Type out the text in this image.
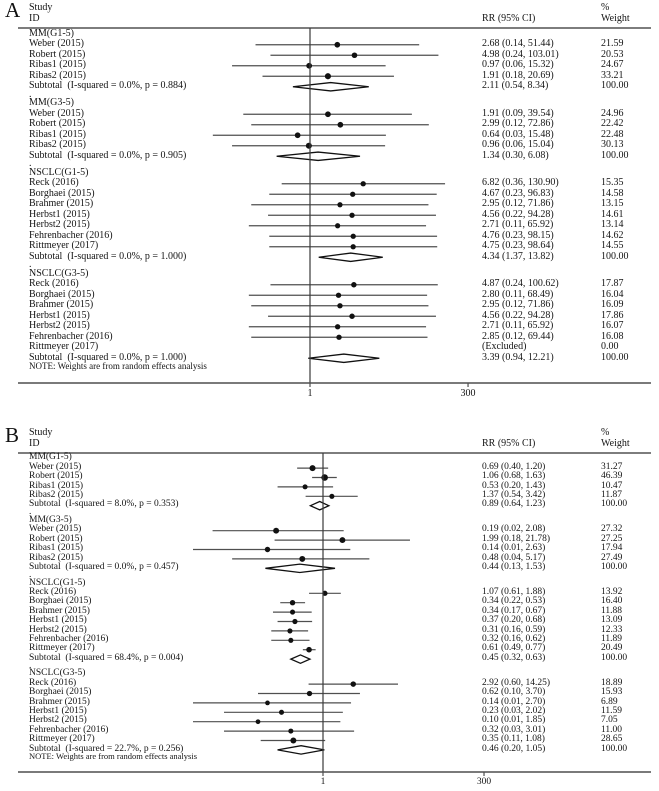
A Study
ID	RR (95% CI)
%
Weight
MM(G1-5)
Weber (2015)	2.68 (0.14, 51.44)	21.59
Robert (2015)	4.98 (0.24, 103.01)	20.53
Ribas1 (2015)	0.97 (0.06, 15.32)	24.67
Ribas2 (2015)	1.91 (0.18, 20.69)	33.21
Subtotal  (I-squared = 0.0%, p = 0.884)	2.11 (0.54, 8.34)	100.00
.
MM(G3-5)
Weber (2015)	1.91 (0.09, 39.54)	24.96
Robert (2015)	2.99 (0.12, 72.86)	22.42
Ribas1 (2015)	0.64 (0.03, 15.48)	22.48
Ribas2 (2015)	0.96 (0.06, 15.04)	30.13
Subtotal  (I-squared = 0.0%, p = 0.905)	1.34 (0.30, 6.08)	100.00
.
NSCLC(G1-5)
Reck (2016)	6.82 (0.36, 130.90)	15.35
Borghaei (2015)	4.67 (0.23, 96.83)	14.58
Brahmer (2015)	2.95 (0.12, 71.86)	13.15
Herbst1 (2015)	4.56 (0.22, 94.28)	14.61
Herbst2 (2015)	2.71 (0.11, 65.92)	13.14
Fehrenbacher (2016)	4.76 (0.23, 98.15)	14.62
Rittmeyer (2017)	4.75 (0.23, 98.64)	14.55
Subtotal  (I-squared = 0.0%, p = 1.000)	4.34 (1.37, 13.82)	100.00
.
NSCLC(G3-5)
Reck (2016)	4.87 (0.24, 100.62)	17.87
Borghaei (2015)	2.80 (0.11, 68.49)	16.04
Brahmer (2015)	2.95 (0.12, 71.86)	16.09
Herbst1 (2015)	4.56 (0.22, 94.28)	17.86
Herbst2 (2015)	2.71 (0.11, 65.92)	16.07
Fehrenbacher (2016)	2.85 (0.12, 69.44)	16.08
Rittmeyer (2017)	(Excluded)	0.00
Subtotal  (I-squared = 0.0%, p = 1.000)	3.39 (0.94, 12.21)	100.00
NOTE: Weights are from random effects analysis
1	300
B Study
ID	RR (95% CI)
%
Weight
MM(G1-5)
Weber (2015)	0.69 (0.40, 1.20)	31.27
Robert (2015)	1.06 (0.68, 1.63)	46.39
Ribas1 (2015)	0.53 (0.20, 1.43)	10.47
Ribas2 (2015)	1.37 (0.54, 3.42)	11.87
Subtotal  (I-squared = 8.0%, p = 0.353)	0.89 (0.64, 1.23)	100.00
.
MM(G3-5)
Weber (2015)	0.19 (0.02, 2.08)	27.32
Robert (2015)	1.99 (0.18, 21.78)	27.25
Ribas1 (2015)	0.14 (0.01, 2.63)	17.94
Ribas2 (2015)	0.48 (0.04, 5.17)	27.49
Subtotal  (I-squared = 0.0%, p = 0.457)	0.44 (0.13, 1.53)	100.00
.
NSCLC(G1-5)
Reck (2016)	1.07 (0.61, 1.88)	13.92
Borghaei (2015)	0.34 (0.22, 0.53)	16.40
Brahmer (2015)	0.34 (0.17, 0.67)	11.88
Herbst1 (2015)	0.37 (0.20, 0.68)	13.09
Herbst2 (2015)	0.31 (0.16, 0.59)	12.33
Fehrenbacher (2016)	0.32 (0.16, 0.62)	11.89
Rittmeyer (2017)	0.61 (0.49, 0.77)	20.49
Subtotal  (I-squared = 68.4%, p = 0.004)	0.45 (0.32, 0.63)	100.00
.
NSCLC(G3-5)
Reck (2016)	2.92 (0.60, 14.25)	18.89
Borghaei (2015)	0.62 (0.10, 3.70)	15.93
Brahmer (2015)	0.14 (0.01, 2.70)	6.89
Herbst1 (2015)	0.23 (0.03, 2.02)	11.59
Herbst2 (2015)	0.10 (0.01, 1.85)	7.05
Fehrenbacher (2016)	0.32 (0.03, 3.01)	11.00
Rittmeyer (2017)	0.35 (0.11, 1.08)	28.65
Subtotal  (I-squared = 22.7%, p = 0.256)	0.46 (0.20, 1.05)	100.00
NOTE: Weights are from random effects analysis
1	300
